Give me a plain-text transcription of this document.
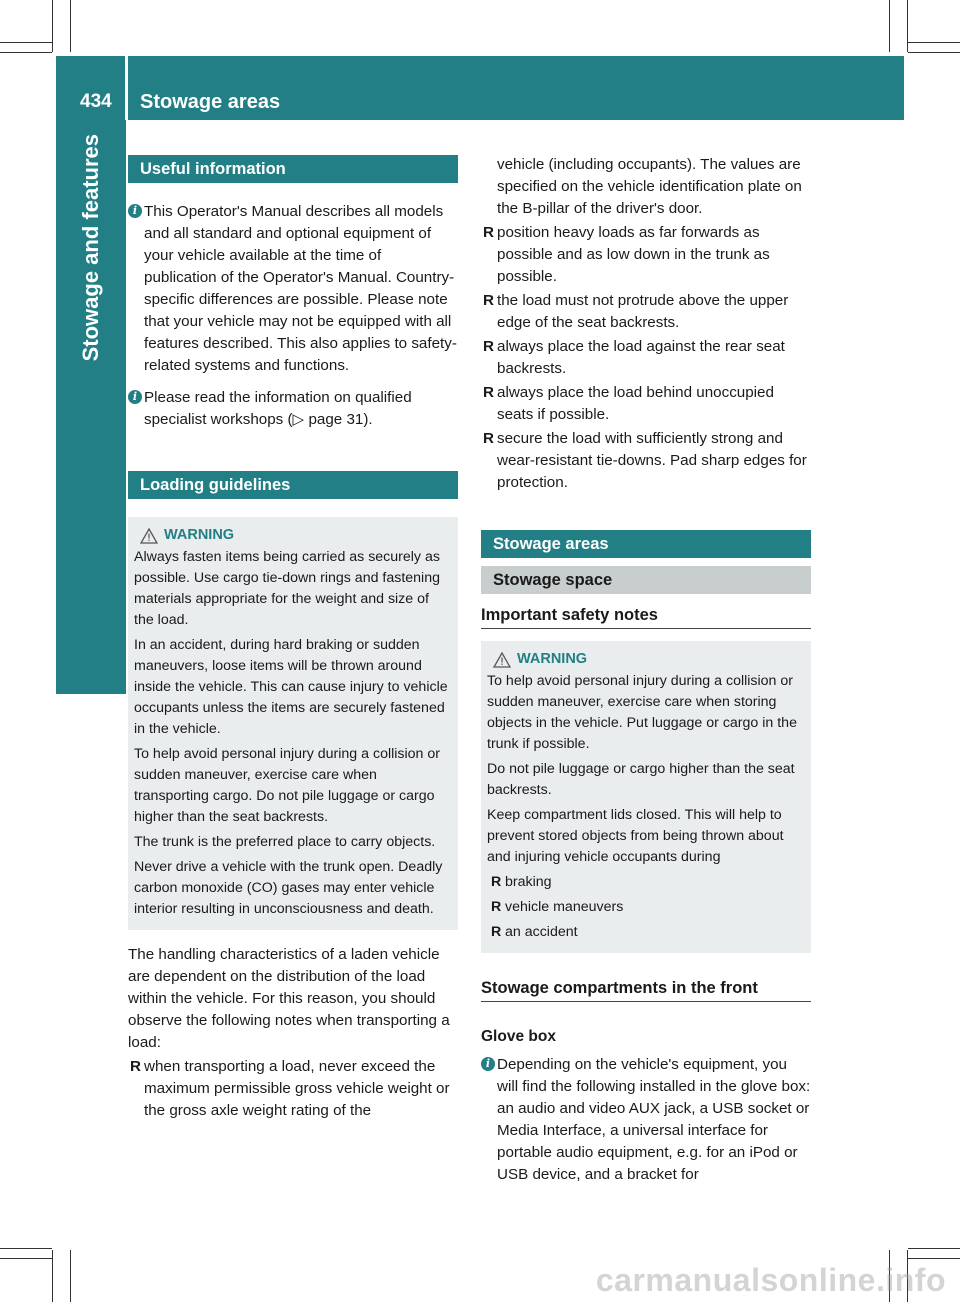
434 Stowage areas
Stowage and features	Useful information
i This Operator's Manual describes all models and all standard and optional equipment of your vehicle available at the time of publication of the Operator's Manual. Country-specific differences are possible. Please note that your vehicle may not be equipped with all features described. This also applies to safety-related systems and functions.

i Please read the information on qualified specialist workshops (▷ page 31).

Loading guidelines
WARNING

Always fasten items being carried as securely as possible. Use cargo tie-down rings and fastening materials appropriate for the weight and size of the load.

In an accident, during hard braking or sudden maneuvers, loose items will be thrown around inside the vehicle. This can cause injury to vehicle occupants unless the items are securely fastened in the vehicle.

To help avoid personal injury during a collision or sudden maneuver, exercise care when transporting cargo. Do not pile luggage or cargo higher than the seat backrests.

The trunk is the preferred place to carry objects.

Never drive a vehicle with the trunk open. Deadly carbon monoxide (CO) gases may enter vehicle interior resulting in unconsciousness and death.

The handling characteristics of a laden vehicle are dependent on the distribution of the load within the vehicle. For this reason, you should observe the following notes when transporting a load:

R when transporting a load, never exceed the maximum permissible gross vehicle weight or the gross axle weight rating of the

vehicle (including occupants). The values are specified on the vehicle identification plate on the B-pillar of the driver's door.

R position heavy loads as far forwards as possible and as low down in the trunk as possible.
R the load must not protrude above the upper edge of the seat backrests.
R always place the load against the rear seat backrests.
R always place the load behind unoccupied seats if possible.
R secure the load with sufficiently strong and wear-resistant tie-downs. Pad sharp edges for protection.
Stowage areas
Stowage space
Important safety notes
WARNING

To help avoid personal injury during a collision or sudden maneuver, exercise care when storing objects in the vehicle. Put luggage or cargo in the trunk if possible.

Do not pile luggage or cargo higher than the seat backrests.

Keep compartment lids closed. This will help to prevent stored objects from being thrown about and injuring vehicle occupants during

R braking
R vehicle maneuvers
R an accident
Stowage compartments in the front
Glove box
i Depending on the vehicle's equipment, you will find the following installed in the glove box: an audio and video AUX jack, a USB socket or Media Interface, a universal interface for portable audio equipment, e.g. for an iPod or USB device, and a bracket for

carmanualsonline.info
